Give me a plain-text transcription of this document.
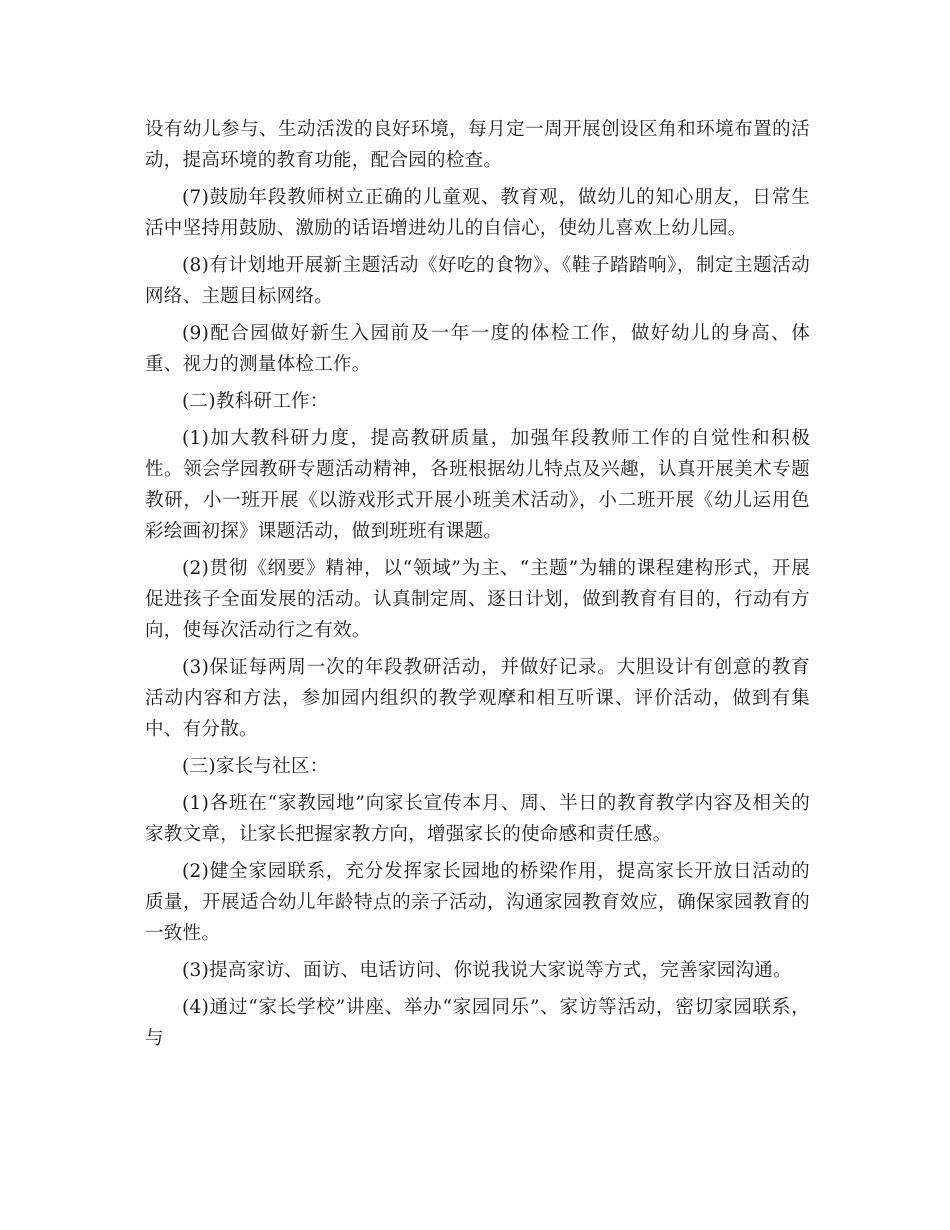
设有幼儿参与、生动活泼的良好环境，每月定一周开展创设区角和环境布置的活动，提高环境的教育功能，配合园的检查。

(7)鼓励年段教师树立正确的儿童观、教育观，做幼儿的知心朋友，日常生活中坚持用鼓励、激励的话语增进幼儿的自信心，使幼儿喜欢上幼儿园。

(8)有计划地开展新主题活动《好吃的食物》、《鞋子踏踏响》，制定主题活动网络、主题目标网络。

(9)配合园做好新生入园前及一年一度的体检工作，做好幼儿的身高、体重、视力的测量体检工作。

(二)教科研工作：

(1)加大教科研力度，提高教研质量，加强年段教师工作的自觉性和积极性。领会学园教研专题活动精神，各班根据幼儿特点及兴趣，认真开展美术专题教研，小一班开展《以游戏形式开展小班美术活动》，小二班开展《幼儿运用色彩绘画初探》课题活动，做到班班有课题。

(2)贯彻《纲要》精神，以“领域”为主、“主题”为辅的课程建构形式，开展促进孩子全面发展的活动。认真制定周、逐日计划，做到教育有目的，行动有方向，使每次活动行之有效。

(3)保证每两周一次的年段教研活动，并做好记录。大胆设计有创意的教育活动内容和方法，参加园内组织的教学观摩和相互听课、评价活动，做到有集中、有分散。

(三)家长与社区：

(1)各班在“家教园地”向家长宣传本月、周、半日的教育教学内容及相关的家教文章，让家长把握家教方向，增强家长的使命感和责任感。

(2)健全家园联系，充分发挥家长园地的桥梁作用，提高家长开放日活动的质量，开展适合幼儿年龄特点的亲子活动，沟通家园教育效应，确保家园教育的一致性。

(3)提高家访、面访、电话访问、你说我说大家说等方式，完善家园沟通。

(4)通过“家长学校”讲座、举办“家园同乐”、家访等活动，密切家园联系，与
